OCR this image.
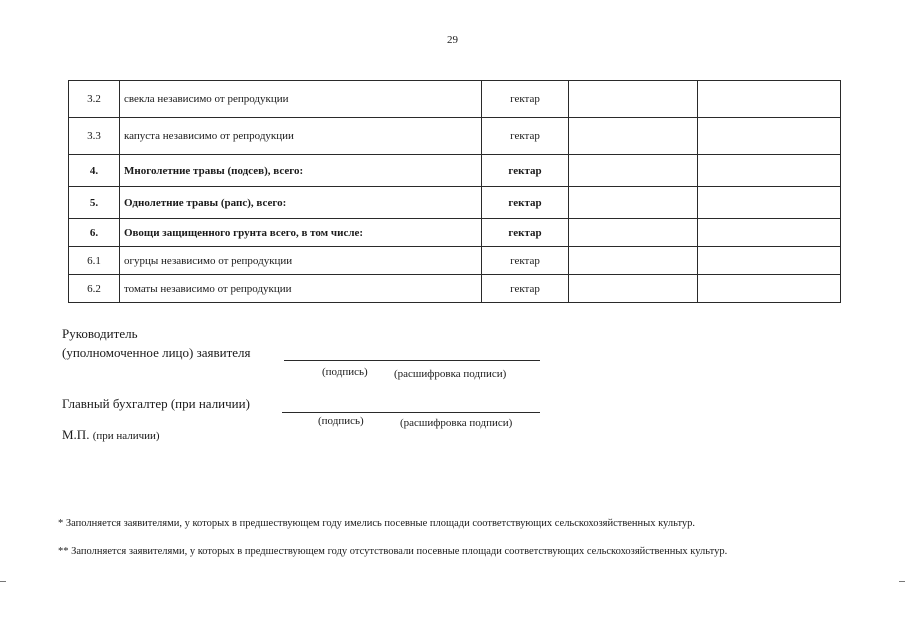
29
3.2	свекла независимо от репродукции	гектар		
3.3	капуста независимо от репродукции	гектар		
4.	Многолетние травы (подсев), всего:	гектар		
5.	Однолетние травы (рапс), всего:	гектар		
6.	Овощи защищенного грунта всего, в том числе:	гектар		
6.1	огурцы независимо от репродукции	гектар		
6.2	томаты независимо от репродукции	гектар		
Руководитель
(уполномоченное лицо) заявителя
(подпись) (расшифровка подписи)
Главный бухгалтер (при наличии)
(подпись)	(расшифровка подписи)
М.П. (при наличии)
* Заполняется заявителями, у которых в предшествующем году имелись посевные площади соответствующих сельскохозяйственных культур.
** Заполняется заявителями, у которых в предшествующем году отсутствовали посевные площади соответствующих сельскохозяйственных культур.
